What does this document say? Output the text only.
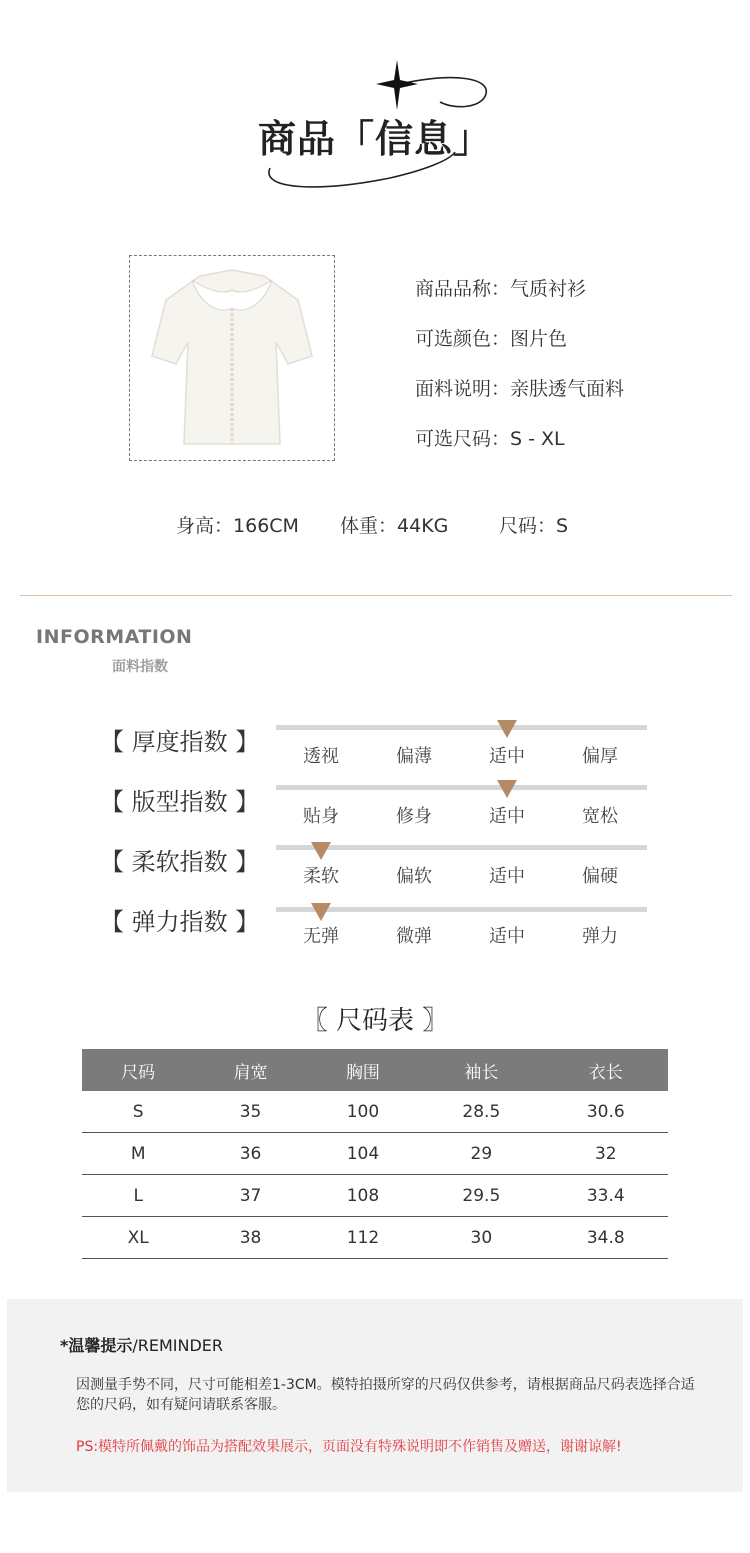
商品「信息」
商品品称：气质衬衫
可选颜色：图片色
面料说明：亲肤透气面料
可选尺码：S - XL
身高：166CM 体重：44KG	尺码：S
INFORMATION
面料指数
【 厚度指数 】
透视	偏薄	适中	偏厚
【 版型指数 】
贴身	修身	适中	宽松
【 柔软指数 】
柔软	偏软	适中	偏硬
【 弹力指数 】
无弹	微弹	适中	弹力
〖 尺码表 〗
尺码	肩宽	胸围	袖长	衣长
S	35	100	28.5	30.6
M	36	104	29	32
L	37	108	29.5	33.4
XL	38	112	30	34.8
*温馨提示/REMINDER
因测量手势不同，尺寸可能相差1-3CM。模特拍摄所穿的尺码仅供参考，请根据商品尺码表选择合适您的尺码，如有疑问请联系客服。
PS:模特所佩戴的饰品为搭配效果展示，页面没有特殊说明即不作销售及赠送，谢谢谅解!
